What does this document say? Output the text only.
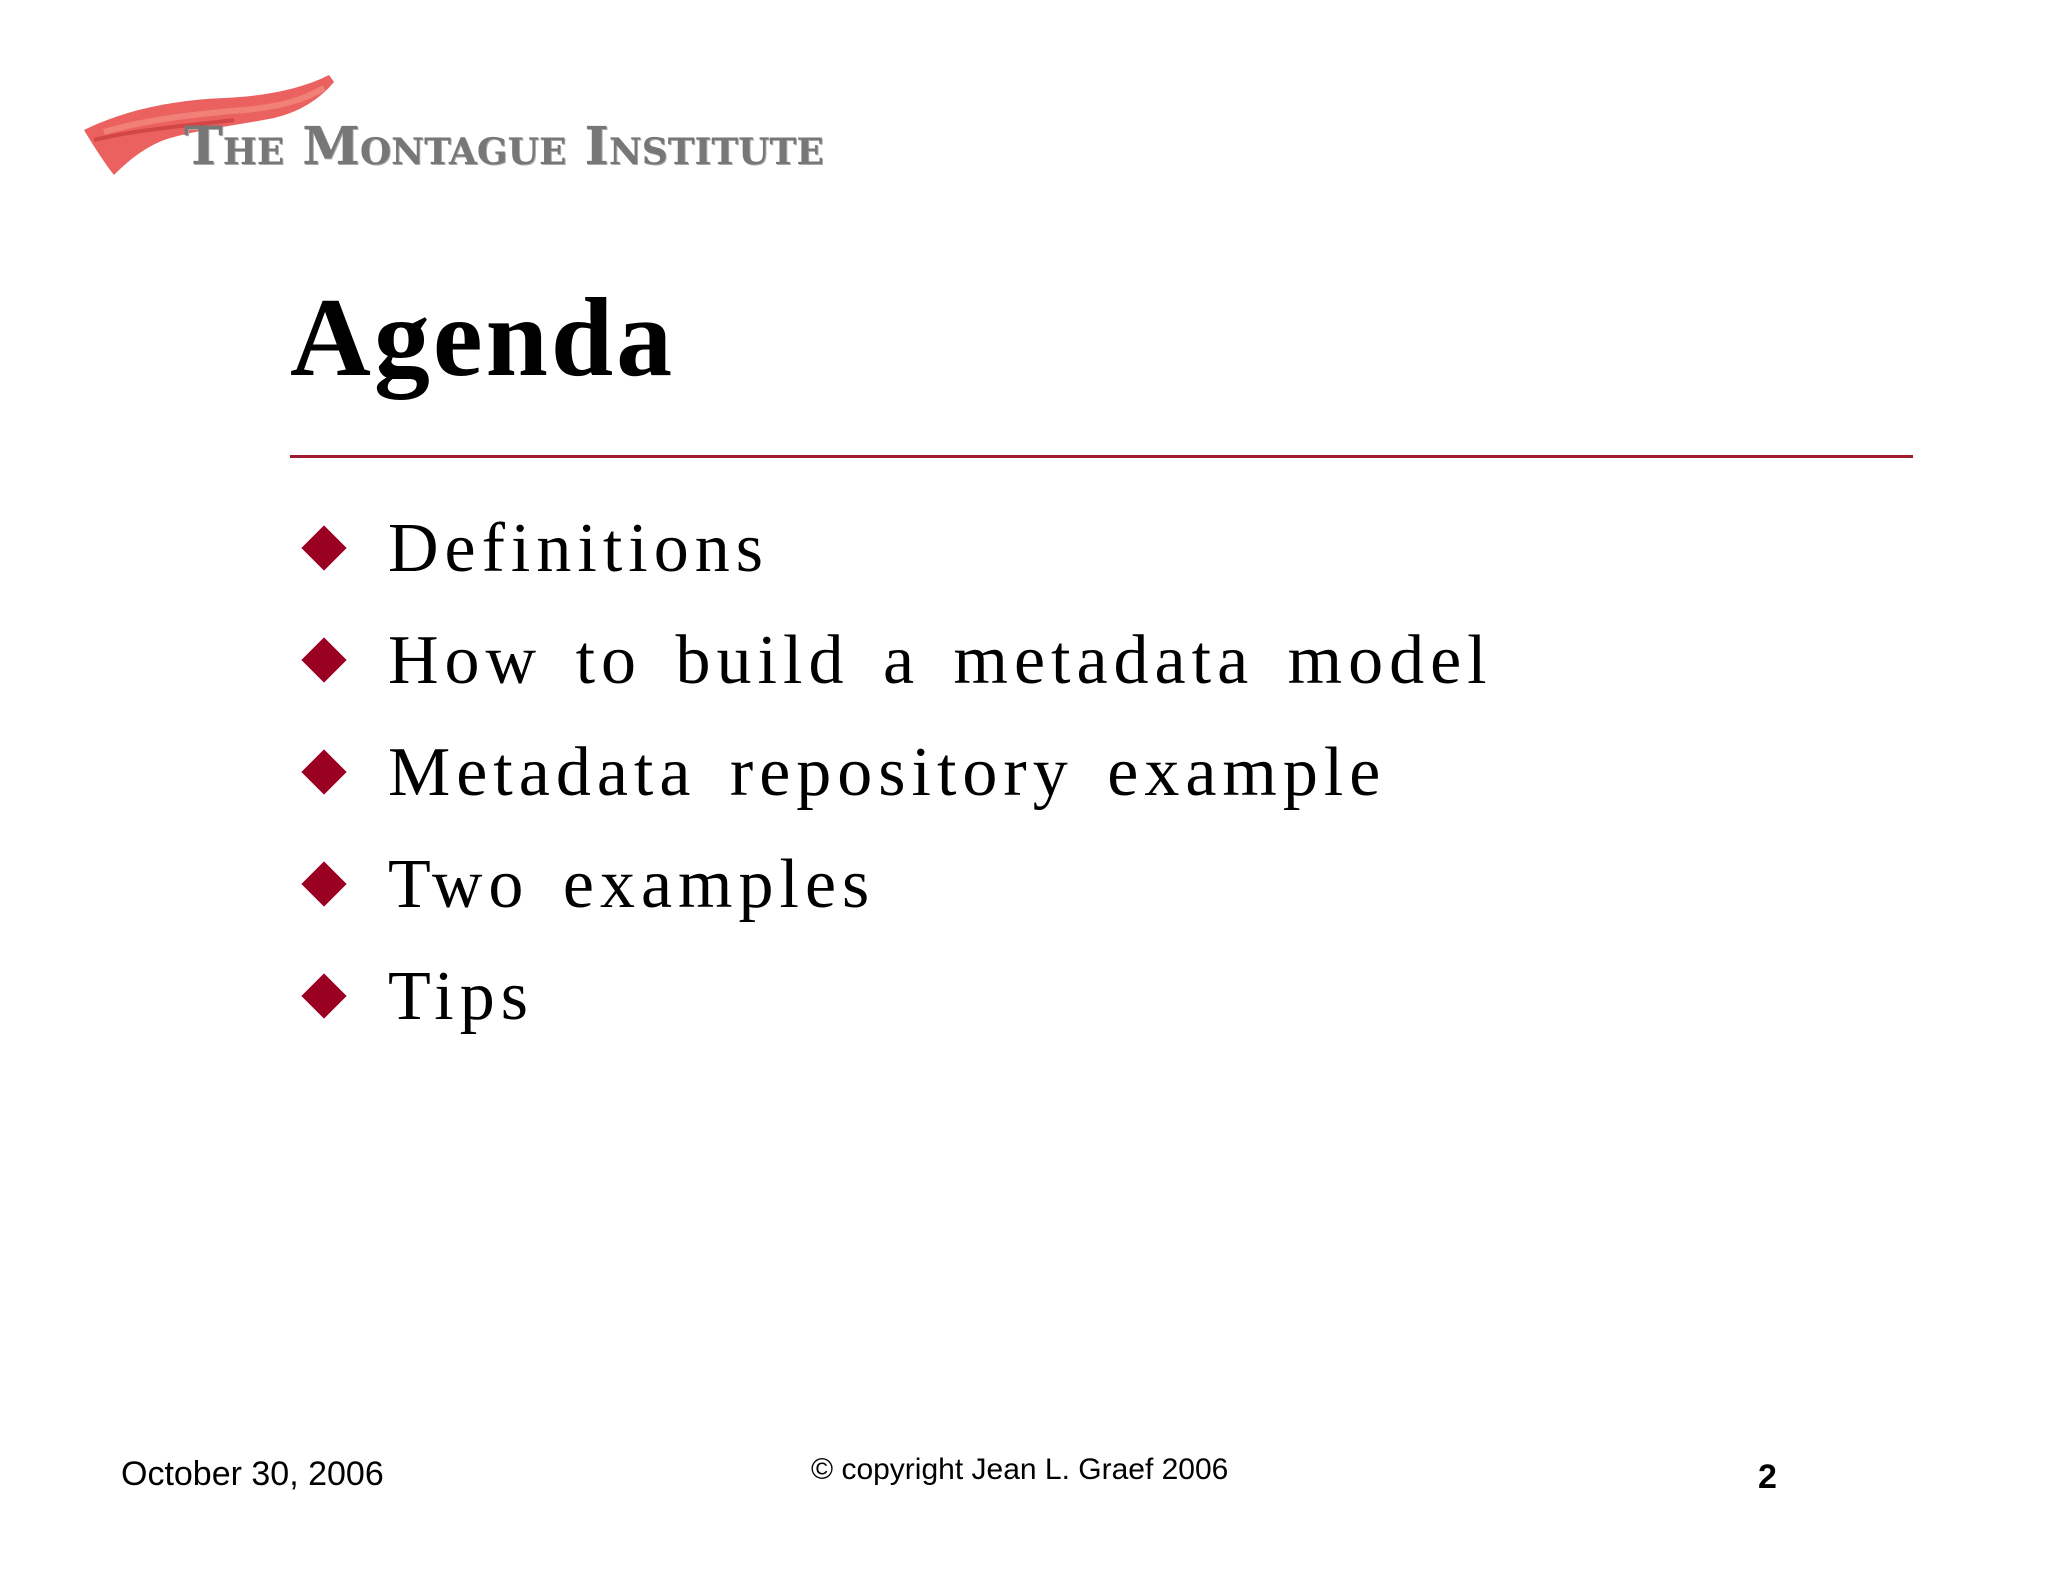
The Montague Institute
Agenda
Definitions
How to build a metadata model
Metadata repository example
Two examples
Tips
October 30, 2006	© copyright Jean L. Graef 2006	2
